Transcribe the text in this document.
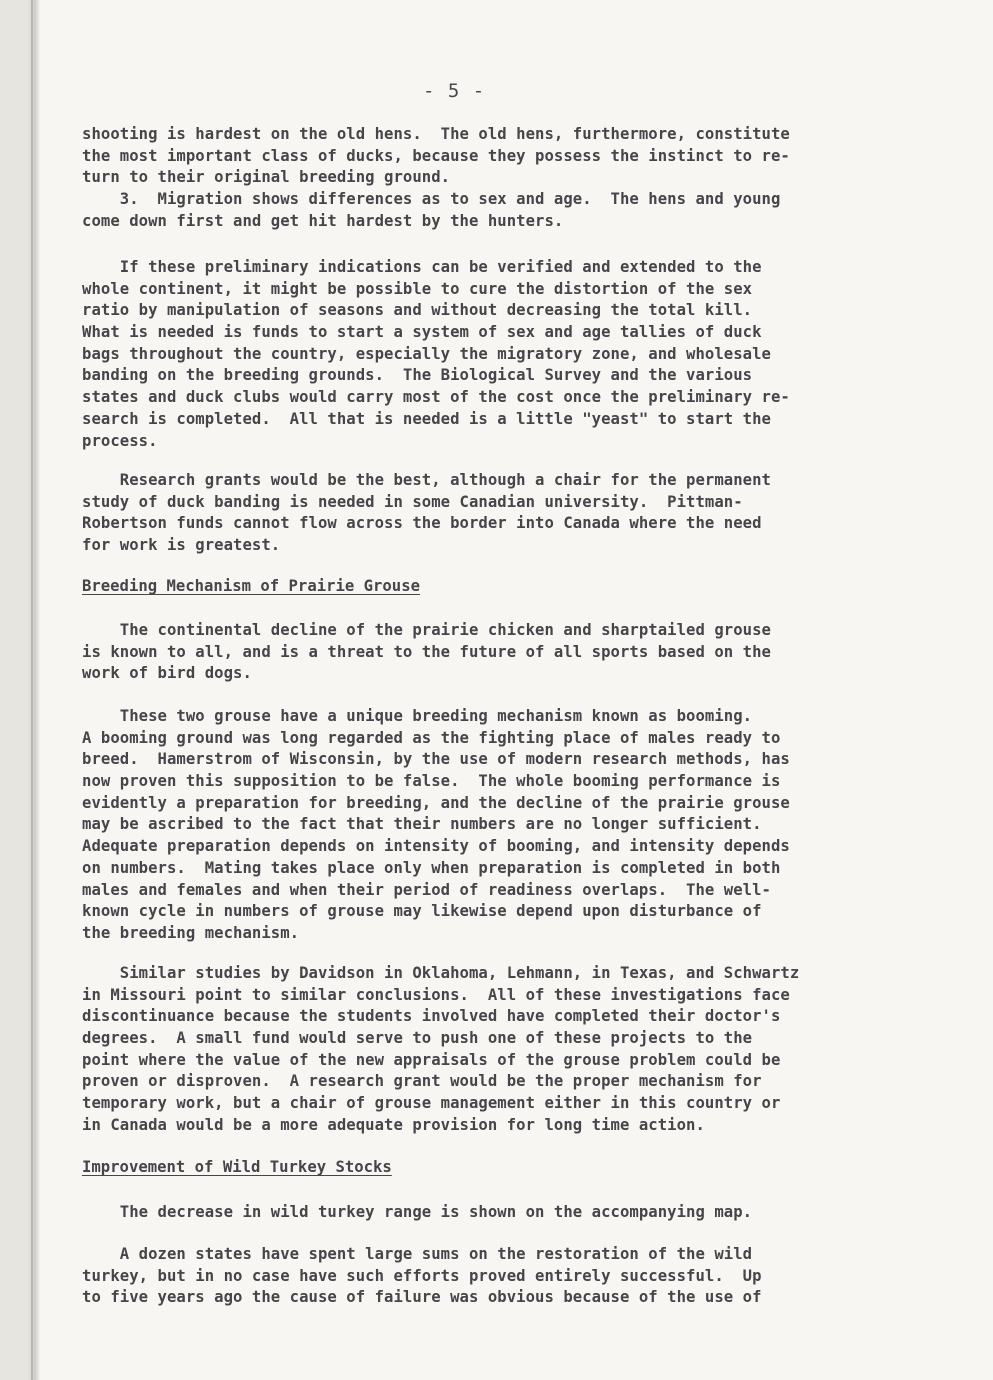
- 5 -
shooting is hardest on the old hens.  The old hens, furthermore, constitute
the most important class of ducks, because they possess the instinct to re-
turn to their original breeding ground.
3.  Migration shows differences as to sex and age.  The hens and young
come down first and get hit hardest by the hunters.
If these preliminary indications can be verified and extended to the
whole continent, it might be possible to cure the distortion of the sex
ratio by manipulation of seasons and without decreasing the total kill.
What is needed is funds to start a system of sex and age tallies of duck
bags throughout the country, especially the migratory zone, and wholesale
banding on the breeding grounds.  The Biological Survey and the various
states and duck clubs would carry most of the cost once the preliminary re-
search is completed.  All that is needed is a little "yeast" to start the
process.
Research grants would be the best, although a chair for the permanent
study of duck banding is needed in some Canadian university.  Pittman-
Robertson funds cannot flow across the border into Canada where the need
for work is greatest.
Breeding Mechanism of Prairie Grouse
The continental decline of the prairie chicken and sharptailed grouse
is known to all, and is a threat to the future of all sports based on the
work of bird dogs.
These two grouse have a unique breeding mechanism known as booming.
A booming ground was long regarded as the fighting place of males ready to
breed.  Hamerstrom of Wisconsin, by the use of modern research methods, has
now proven this supposition to be false.  The whole booming performance is
evidently a preparation for breeding, and the decline of the prairie grouse
may be ascribed to the fact that their numbers are no longer sufficient.
Adequate preparation depends on intensity of booming, and intensity depends
on numbers.  Mating takes place only when preparation is completed in both
males and females and when their period of readiness overlaps.  The well-
known cycle in numbers of grouse may likewise depend upon disturbance of
the breeding mechanism.
Similar studies by Davidson in Oklahoma, Lehmann, in Texas, and Schwartz
in Missouri point to similar conclusions.  All of these investigations face
discontinuance because the students involved have completed their doctor's
degrees.  A small fund would serve to push one of these projects to the
point where the value of the new appraisals of the grouse problem could be
proven or disproven.  A research grant would be the proper mechanism for
temporary work, but a chair of grouse management either in this country or
in Canada would be a more adequate provision for long time action.
Improvement of Wild Turkey Stocks
The decrease in wild turkey range is shown on the accompanying map.
A dozen states have spent large sums on the restoration of the wild
turkey, but in no case have such efforts proved entirely successful.  Up
to five years ago the cause of failure was obvious because of the use of
